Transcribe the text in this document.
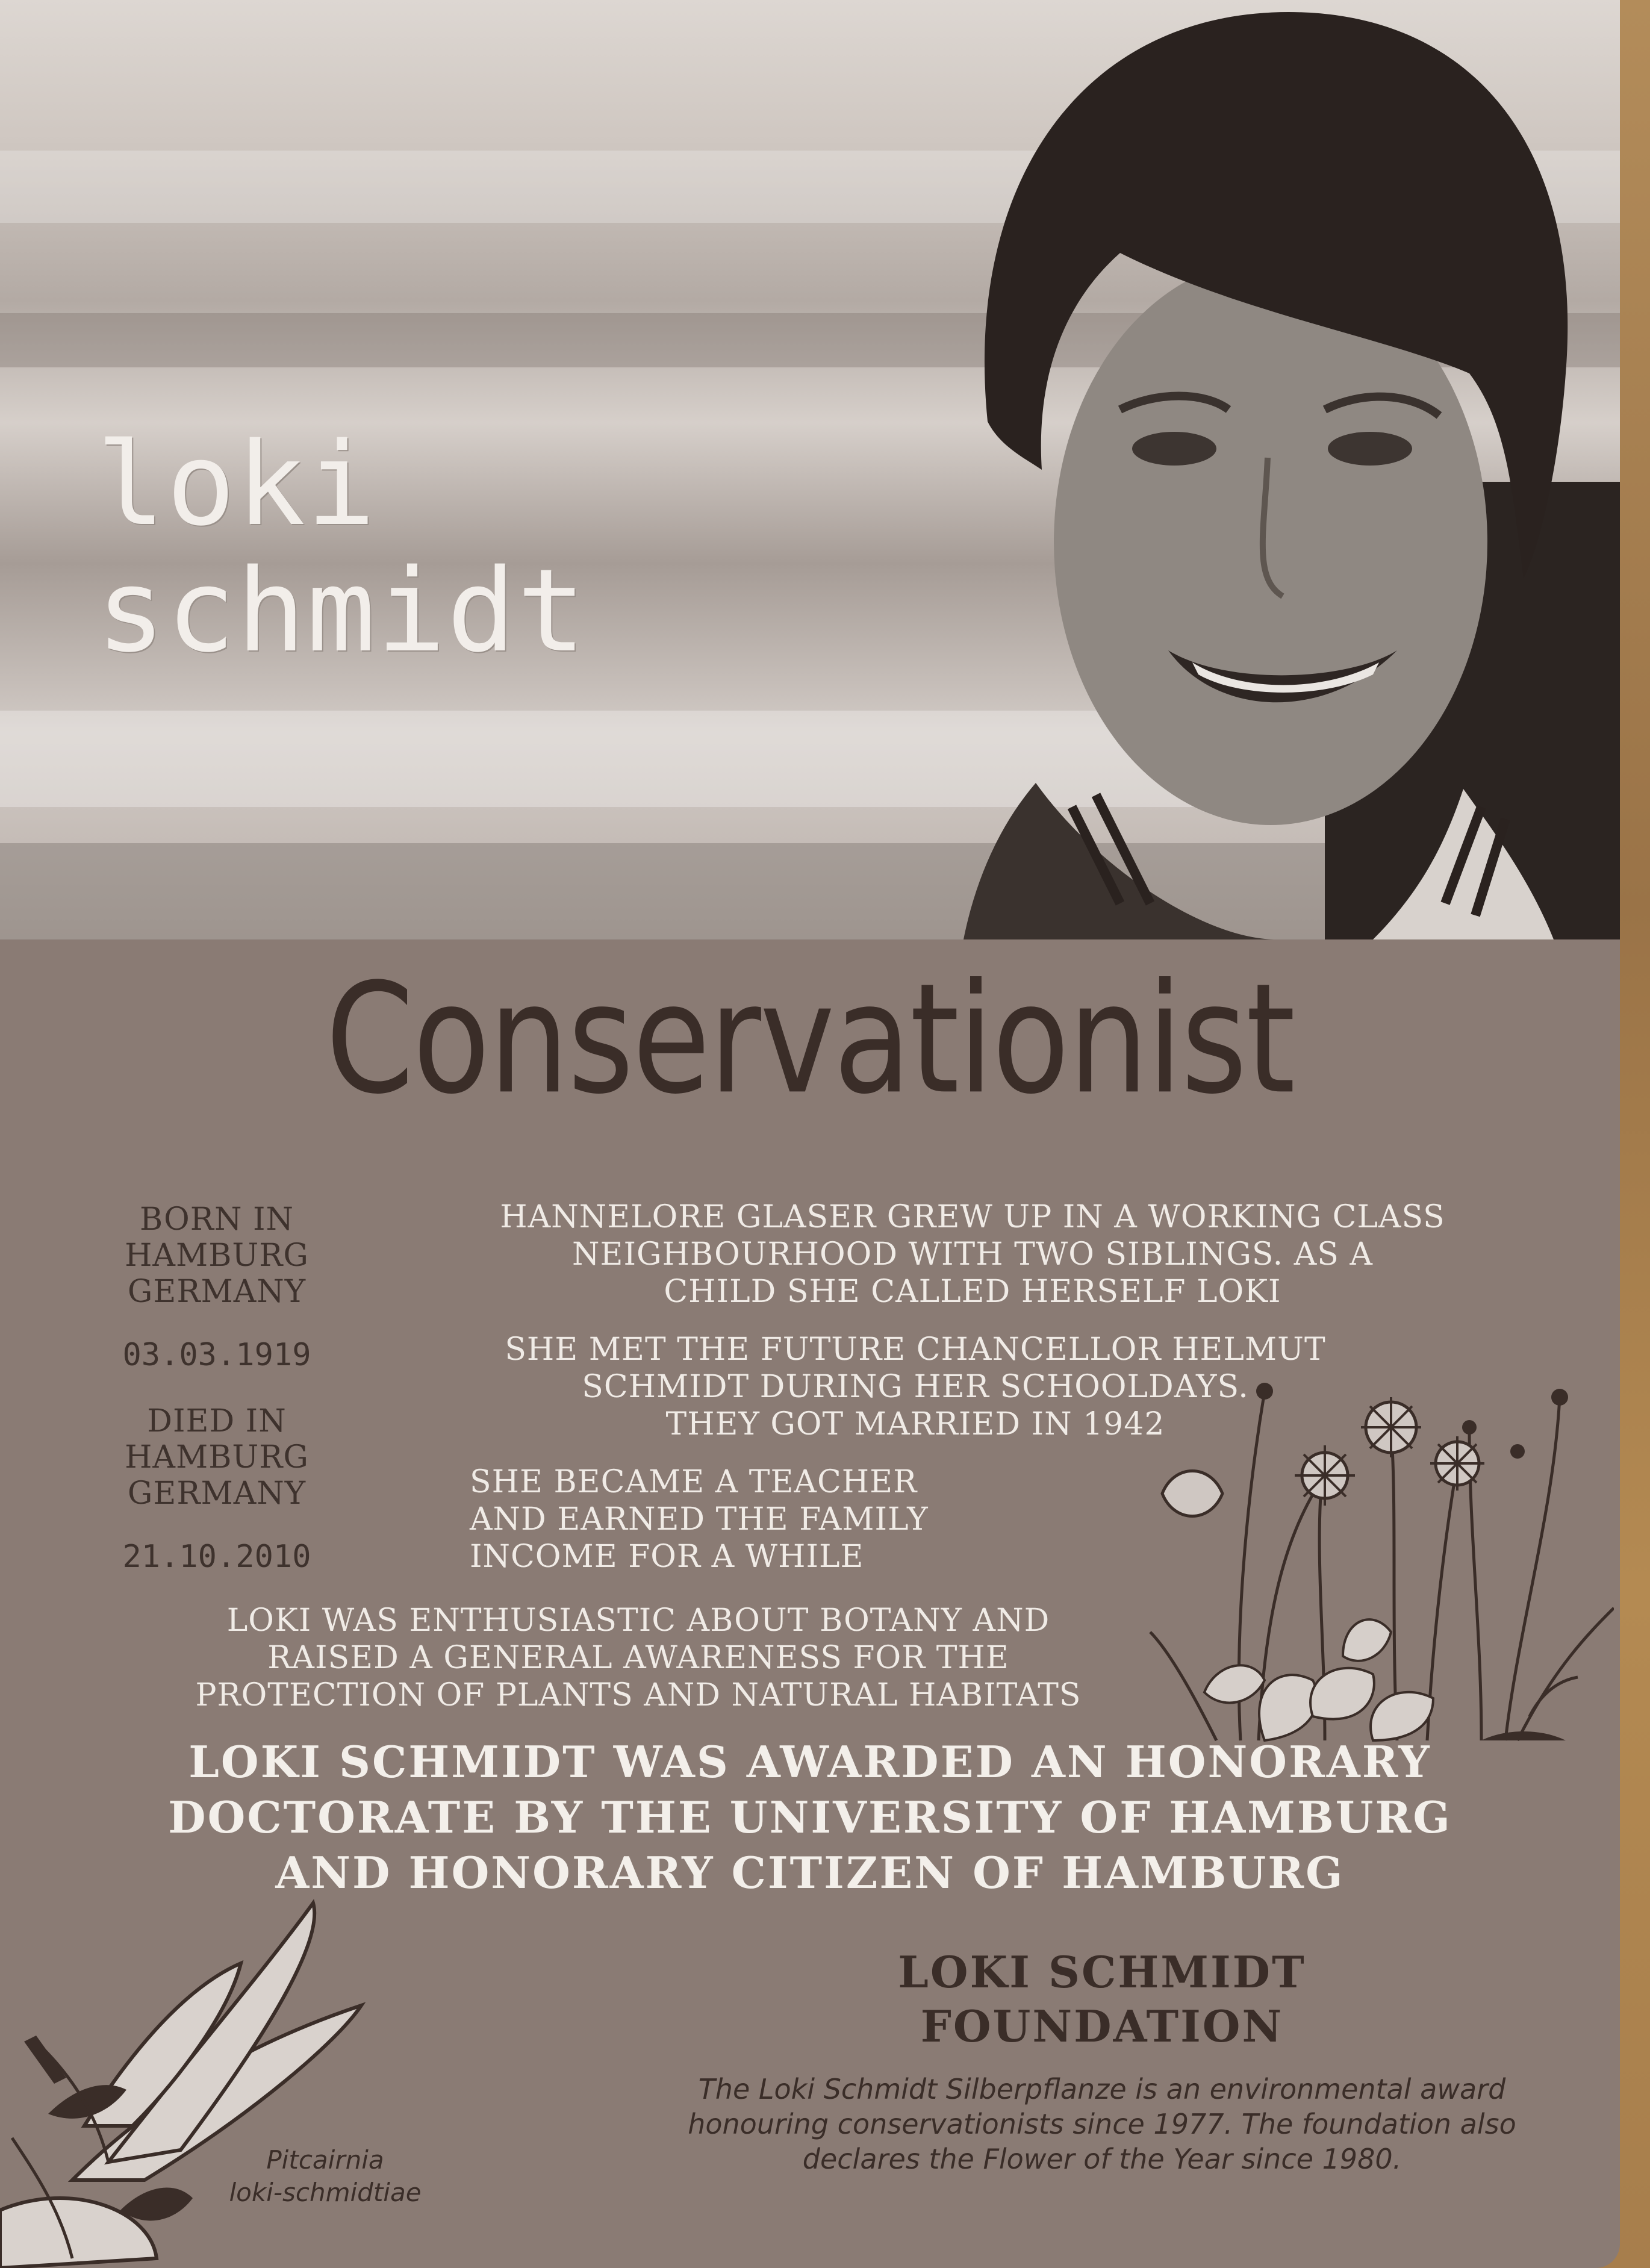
loki
schmidt
Conservationist
BORN IN
HAMBURG
GERMANY
03.03.1919
DIED IN
HAMBURG
GERMANY
21.10.2010
HANNELORE GLASER GREW UP IN A WORKING CLASS
NEIGHBOURHOOD WITH TWO SIBLINGS. AS A
CHILD SHE CALLED HERSELF LOKI
SHE MET THE FUTURE CHANCELLOR HELMUT
SCHMIDT DURING HER SCHOOLDAYS.
THEY GOT MARRIED IN 1942
SHE BECAME A TEACHER
AND EARNED THE FAMILY
INCOME FOR A WHILE
LOKI WAS ENTHUSIASTIC ABOUT BOTANY AND
RAISED A GENERAL AWARENESS FOR THE
PROTECTION OF PLANTS AND NATURAL HABITATS
LOKI SCHMIDT WAS AWARDED AN HONORARY
DOCTORATE BY THE UNIVERSITY OF HAMBURG
AND HONORARY CITIZEN OF HAMBURG
Pitcairnia
loki-schmidtiae
LOKI SCHMIDT
FOUNDATION
The Loki Schmidt Silberpflanze is an environmental award
honouring conservationists since 1977. The foundation also
declares the Flower of the Year since 1980.
